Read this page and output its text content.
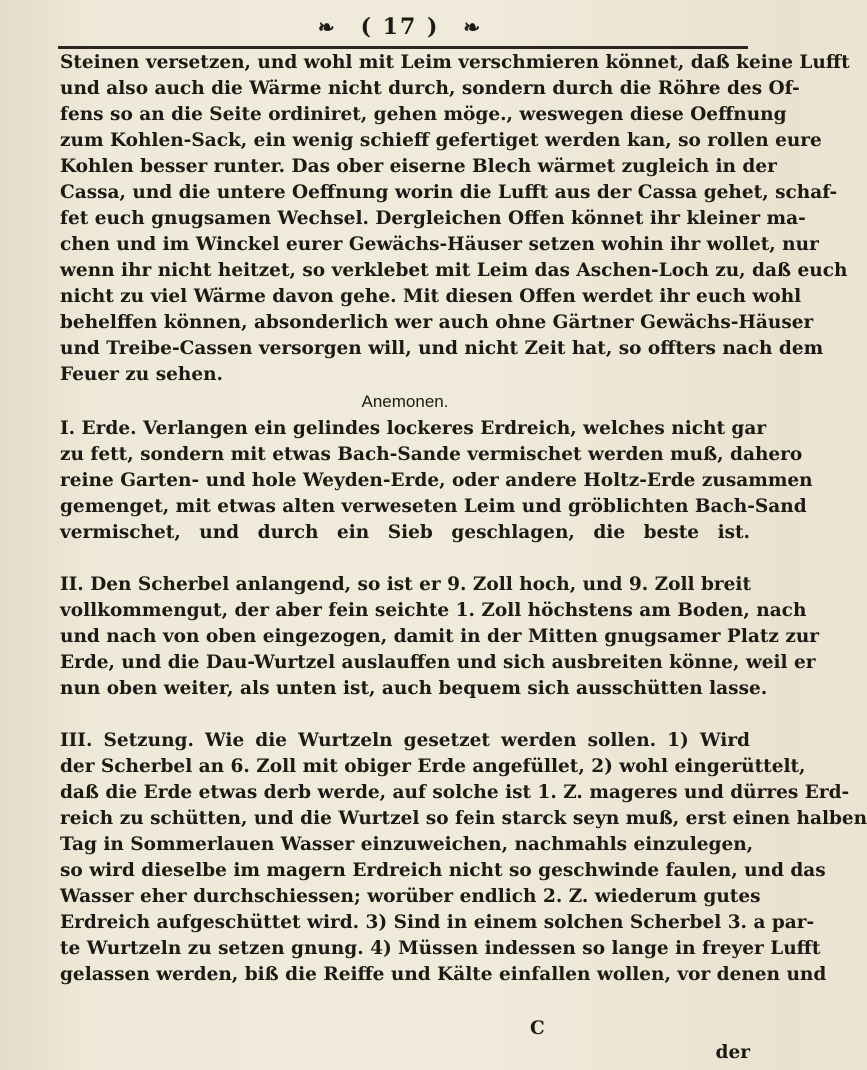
❧ ( 17 ) ❧
Steinen versetzen, und wohl mit Leim verschmieren könnet, daß keine Lufft
und also auch die Wärme nicht durch, sondern durch die Röhre des Of-
fens so an die Seite ordiniret, gehen möge., weswegen diese Oeffnung
zum Kohlen-Sack, ein wenig schieff gefertiget werden kan, so rollen eure
Kohlen besser runter. Das ober eiserne Blech wärmet zugleich in der
Cassa, und die untere Oeffnung worin die Lufft aus der Cassa gehet, schaf-
fet euch gnugsamen Wechsel. Dergleichen Offen könnet ihr kleiner ma-
chen und im Winckel eurer Gewächs-Häuser setzen wohin ihr wollet, nur
wenn ihr nicht heitzet, so verklebet mit Leim das Aschen-Loch zu, daß euch
nicht zu viel Wärme davon gehe. Mit diesen Offen werdet ihr euch wohl
behelffen können, absonderlich wer auch ohne Gärtner Gewächs-Häuser
und Treibe-Cassen versorgen will, und nicht Zeit hat, so offters nach dem
Feuer zu sehen.
Anemonen.
I. Erde. Verlangen ein gelindes lockeres Erdreich, welches nicht gar
zu fett, sondern mit etwas Bach-Sande vermischet werden muß, dahero
reine Garten- und hole Weyden-Erde, oder andere Holtz-Erde zusammen
gemenget, mit etwas alten verweseten Leim und gröblichten Bach-Sand
vermischet, und durch ein Sieb geschlagen, die beste ist.
II. Den Scherbel anlangend, so ist er 9. Zoll hoch, und 9. Zoll breit
vollkommengut, der aber fein seichte 1. Zoll höchstens am Boden, nach
und nach von oben eingezogen, damit in der Mitten gnugsamer Platz zur
Erde, und die Dau-Wurtzel auslauffen und sich ausbreiten könne, weil er
nun oben weiter, als unten ist, auch bequem sich ausschütten lasse.
III. Setzung. Wie die Wurtzeln gesetzet werden sollen. 1) Wird
der Scherbel an 6. Zoll mit obiger Erde angefüllet, 2) wohl eingerüttelt,
daß die Erde etwas derb werde, auf solche ist 1. Z. mageres und dürres Erd-
reich zu schütten, und die Wurtzel so fein starck seyn muß, erst einen halben
Tag in Sommerlauen Wasser einzuweichen, nachmahls einzulegen,
so wird dieselbe im magern Erdreich nicht so geschwinde faulen, und das
Wasser eher durchschiessen; worüber endlich 2. Z. wiederum gutes
Erdreich aufgeschüttet wird. 3) Sind in einem solchen Scherbel 3. a par-
te Wurtzeln zu setzen gnung. 4) Müssen indessen so lange in freyer Lufft
gelassen werden, biß die Reiffe und Kälte einfallen wollen, vor denen und
C
der
